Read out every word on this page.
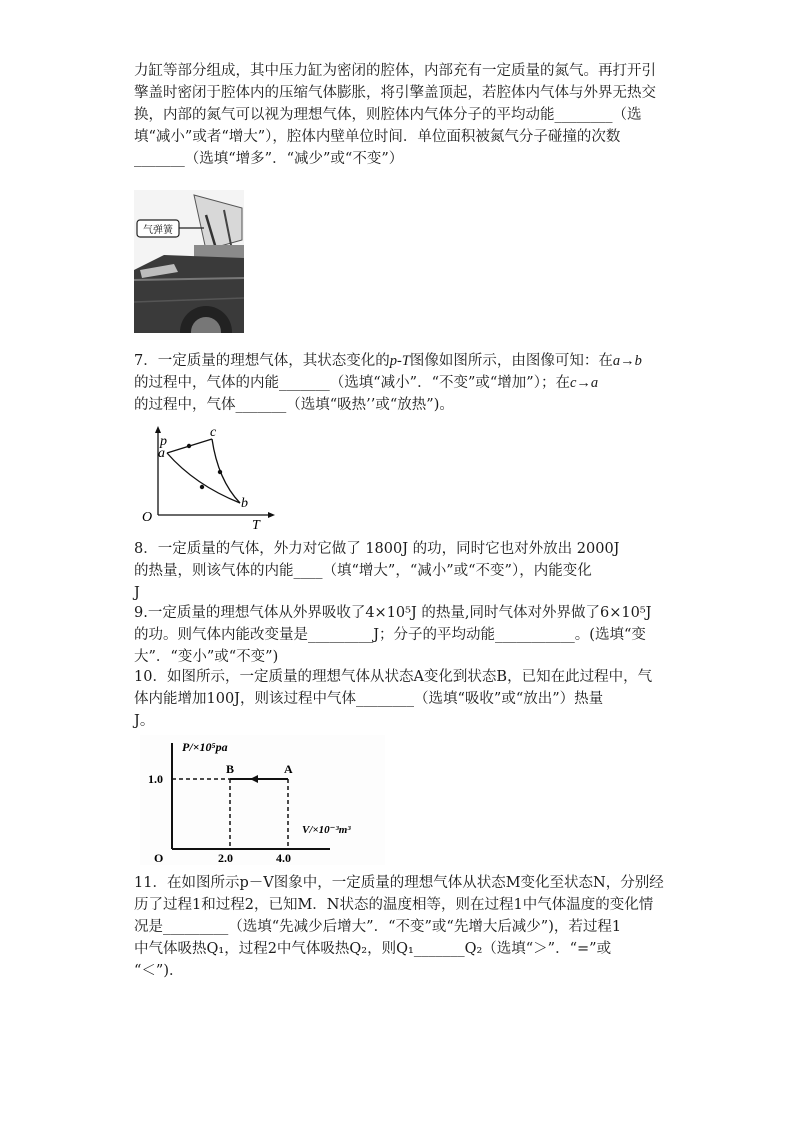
力缸等部分组成，其中压力缸为密闭的腔体，内部充有一定质量的氮气。再打开引
擎盖时密闭于腔体内的压缩气体膨胀，将引擎盖顶起，若腔体内气体与外界无热交
换，内部的氮气可以视为理想气体，则腔体内气体分子的平均动能________（选
填“减小”或者“增大”），腔体内壁单位时间．单位面积被氮气分子碰撞的次数
_______（选填“增多”．“减少”或“不变”）
气弹簧
7．一定质量的理想气体，其状态变化的p-T图像如图所示，由图像可知：在a→b
的过程中，气体的内能_______（选填“减小”．“不变”或“增加”）；在c→a
的过程中，气体_______（选填“吸热’’或“放热”)。
p
T
O
a
b
c
8．一定质量的气体，外力对它做了 1800J 的功，同时它也对外放出 2000J
的热量，则该气体的内能____（填“增大”，“减小”或“不变”），内能变化
J
9.一定质量的理想气体从外界吸收了4×10⁵J 的热量,同时气体对外界做了6×10⁵J
的功。则气体内能改变量是_________J；分子的平均动能___________。(选填“变
大”．“变小”或“不变”)
10．如图所示，一定质量的理想气体从状态A变化到状态B，已知在此过程中，气
体内能增加100J，则该过程中气体________（选填“吸收”或“放出”）热量
J。
P/×10⁵pa
V/×10⁻³m³
O
1.0
2.0	4.0
B	A
11．在如图所示p－V图象中，一定质量的理想气体从状态M变化至状态N，分别经
历了过程1和过程2，已知M．N状态的温度相等，则在过程1中气体温度的变化情
况是_________（选填“先减少后增大”．“不变”或“先增大后减少”)，若过程1
中气体吸热Q₁，过程2中气体吸热Q₂，则Q₁_______Q₂（选填“＞”．“=”或
“＜”)．
